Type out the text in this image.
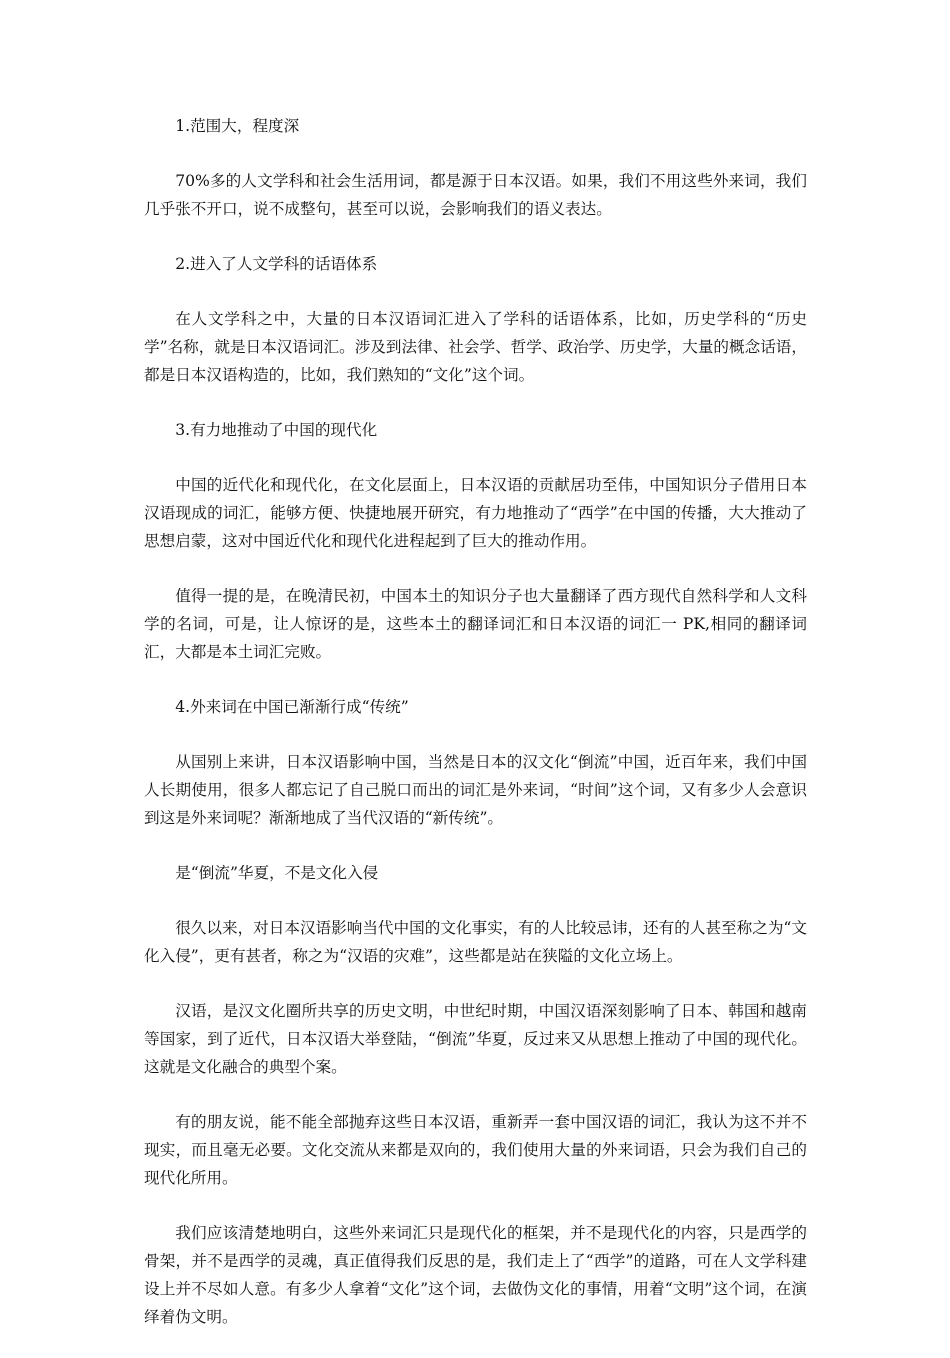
1.范围大，程度深

70%多的人文学科和社会生活用词，都是源于日本汉语。如果，我们不用这些外来词，我们几乎张不开口，说不成整句，甚至可以说，会影响我们的语义表达。

2.进入了人文学科的话语体系

在人文学科之中，大量的日本汉语词汇进入了学科的话语体系，比如，历史学科的“历史学”名称，就是日本汉语词汇。涉及到法律、社会学、哲学、政治学、历史学，大量的概念话语，都是日本汉语构造的，比如，我们熟知的“文化”这个词。

3.有力地推动了中国的现代化

中国的近代化和现代化，在文化层面上，日本汉语的贡献居功至伟，中国知识分子借用日本汉语现成的词汇，能够方便、快捷地展开研究，有力地推动了“西学”在中国的传播，大大推动了思想启蒙，这对中国近代化和现代化进程起到了巨大的推动作用。

值得一提的是，在晚清民初，中国本土的知识分子也大量翻译了西方现代自然科学和人文科学的名词，可是，让人惊讶的是，这些本土的翻译词汇和日本汉语的词汇一 PK,相同的翻译词汇，大都是本土词汇完败。

4.外来词在中国已渐渐行成“传统”

从国别上来讲，日本汉语影响中国，当然是日本的汉文化“倒流”中国，近百年来，我们中国人长期使用，很多人都忘记了自己脱口而出的词汇是外来词，“时间”这个词，又有多少人会意识到这是外来词呢？渐渐地成了当代汉语的“新传统”。

是“倒流”华夏，不是文化入侵

很久以来，对日本汉语影响当代中国的文化事实，有的人比较忌讳，还有的人甚至称之为“文化入侵”，更有甚者，称之为“汉语的灾难”，这些都是站在狭隘的文化立场上。

汉语，是汉文化圈所共享的历史文明，中世纪时期，中国汉语深刻影响了日本、韩国和越南等国家，到了近代，日本汉语大举登陆，“倒流”华夏，反过来又从思想上推动了中国的现代化。这就是文化融合的典型个案。

有的朋友说，能不能全部抛弃这些日本汉语，重新弄一套中国汉语的词汇，我认为这不并不现实，而且毫无必要。文化交流从来都是双向的，我们使用大量的外来词语，只会为我们自己的现代化所用。

我们应该清楚地明白，这些外来词汇只是现代化的框架，并不是现代化的内容，只是西学的骨架，并不是西学的灵魂，真正值得我们反思的是，我们走上了“西学”的道路，可在人文学科建设上并不尽如人意。有多少人拿着“文化”这个词，去做伪文化的事情，用着“文明”这个词，在演绎着伪文明。
